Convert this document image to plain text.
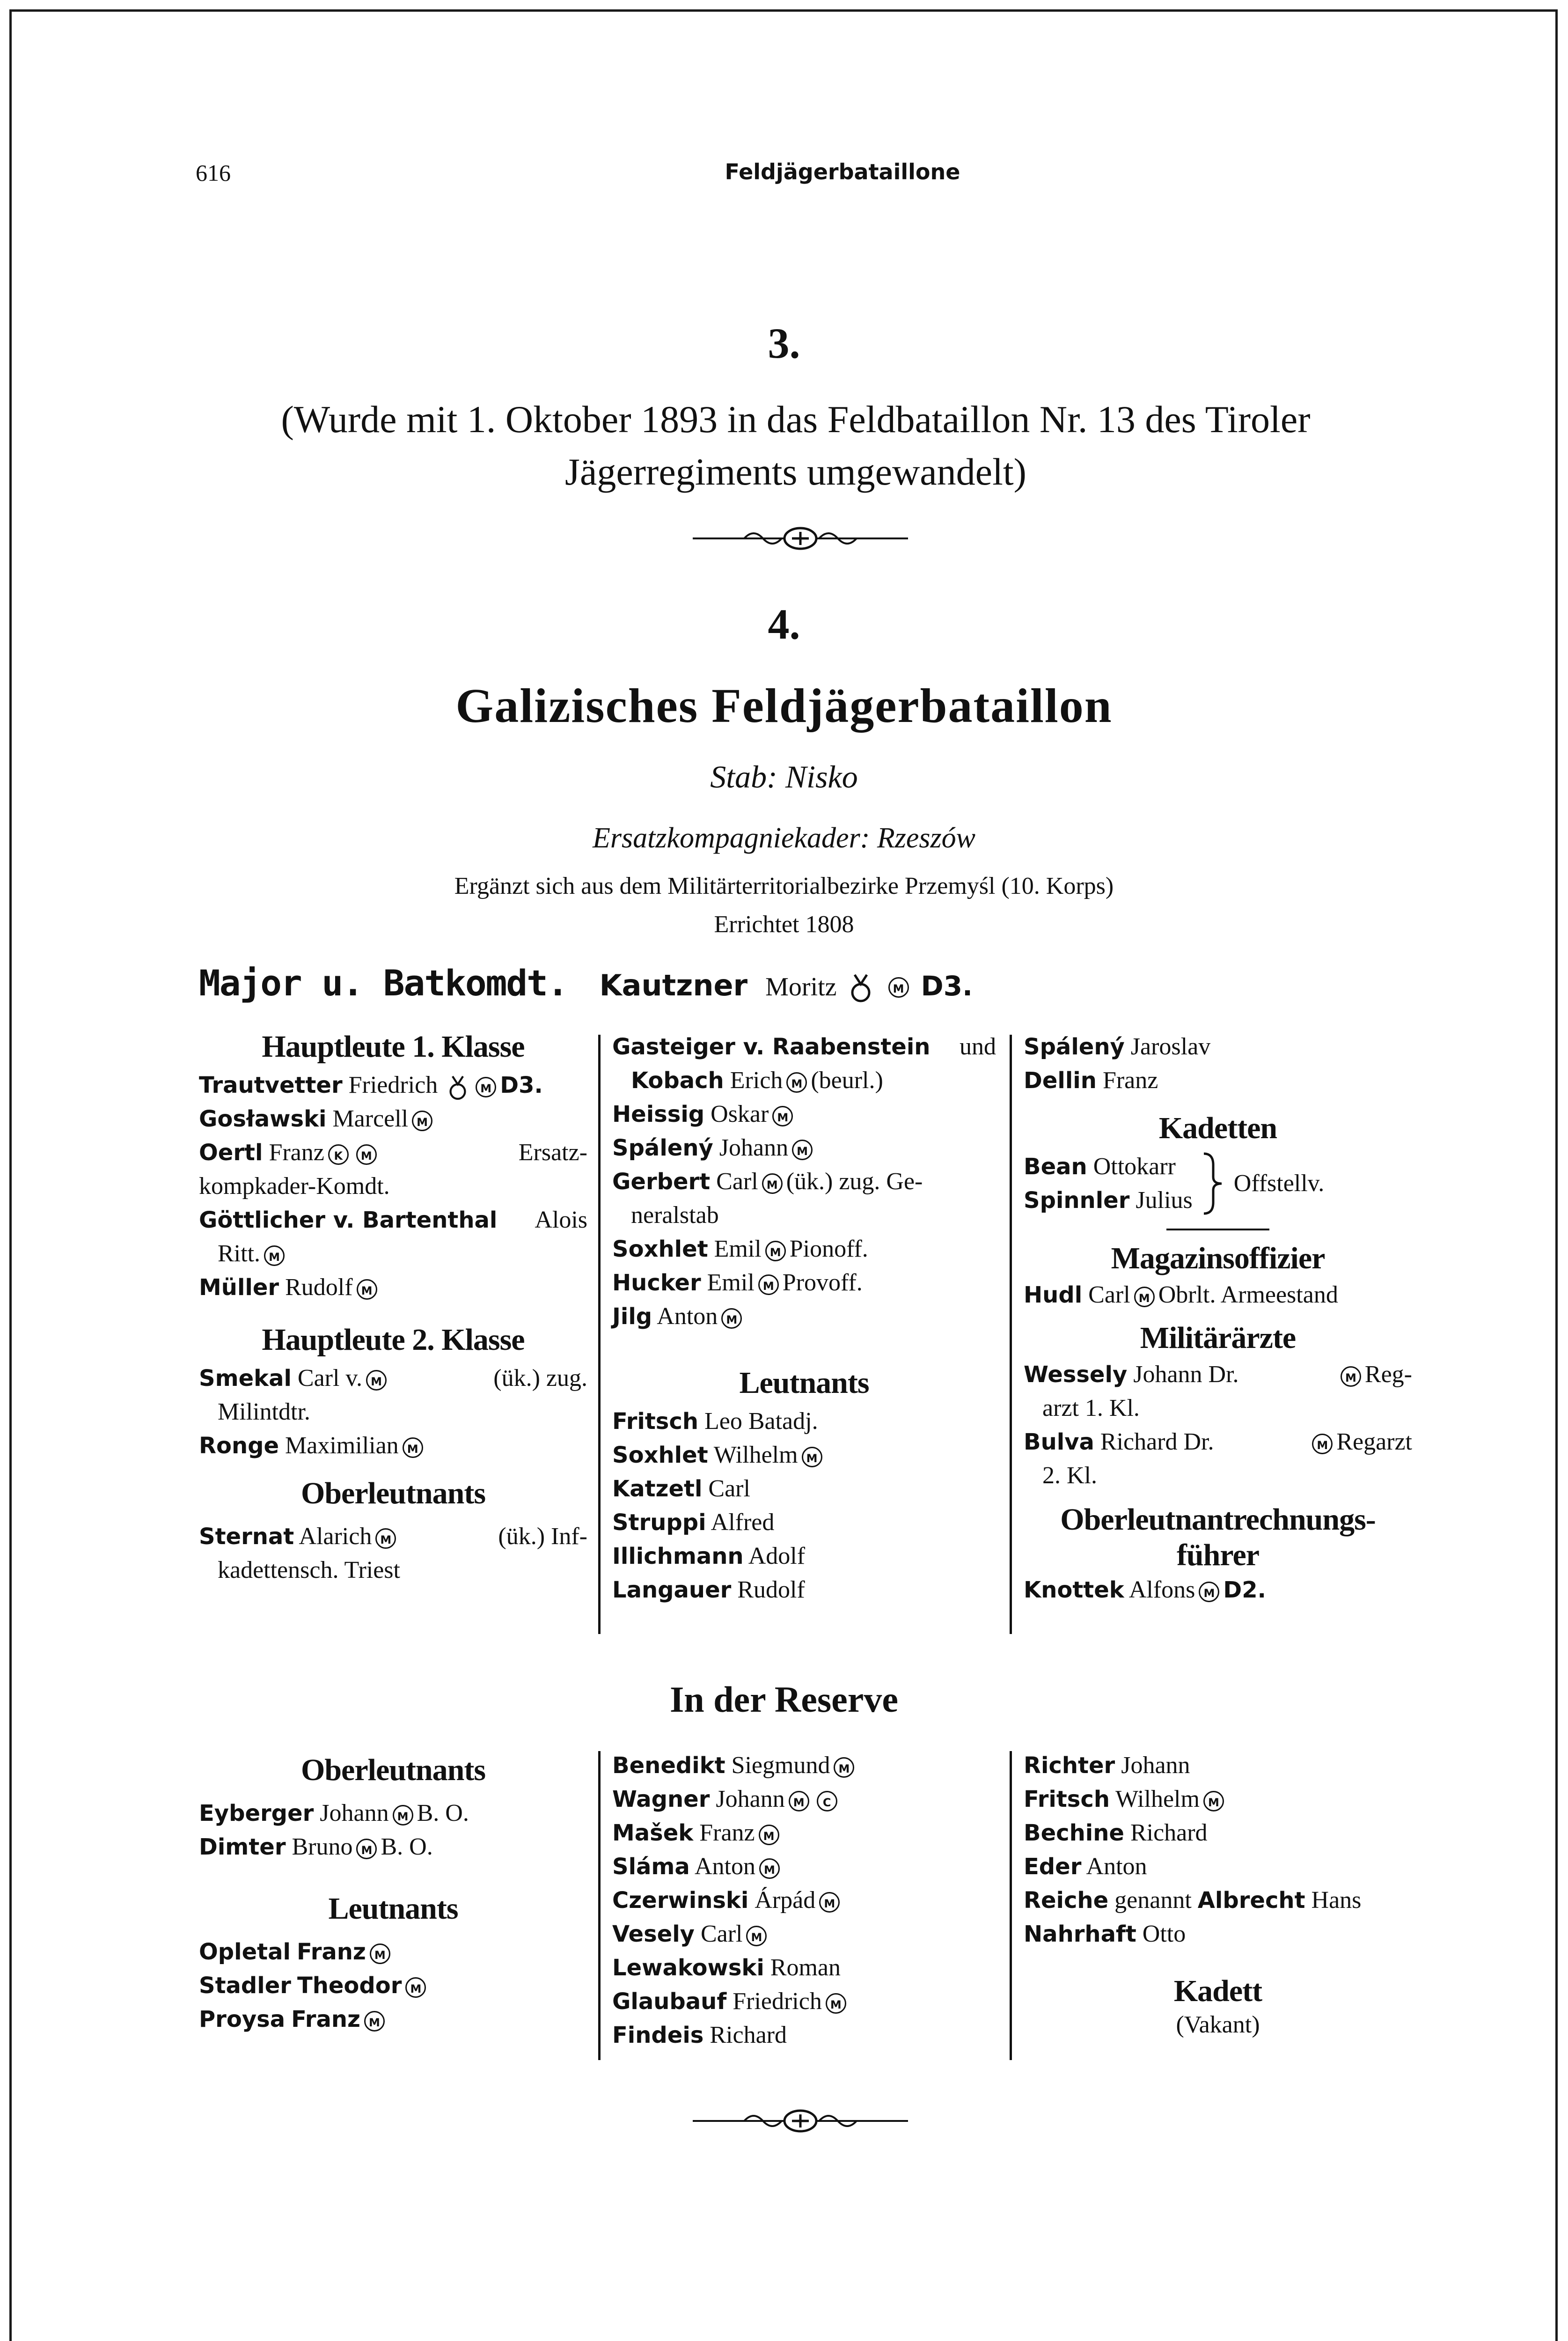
616	Feldjägerbataillone
3.
(Wurde mit 1. Oktober 1893 in das Feldbataillon Nr. 13 des Tiroler
Jägerregiments umgewandelt)
4.
Galizisches Feldjägerbataillon
Stab: Nisko
Ersatzkompagniekader: Rzeszów
Ergänzt sich aus dem Militärterritorialbezirke Przemyśl (10. Korps)
Errichtet 1808
Major u. Batkomdt. Kautzner Moritz	M D3.
Hauptleute 1. Klasse
Trautvetter Friedrich	M D3.
Gosławski Marcell M
Oertl Franz K M	Ersatz-
kompkader-Komdt.
Göttlicher v. Bartenthal Alois
Ritt. M
Müller Rudolf M
Hauptleute 2. Klasse
Smekal Carl v. M	(ük.) zug.
Milintdtr.
Ronge Maximilian M
Oberleutnants
Sternat Alarich M	(ük.) Inf-
kadettensch. Triest
Gasteiger v. Raabenstein und
Kobach Erich M (beurl.)
Heissig Oskar M
Spálený Johann M
Gerbert Carl M (ük.) zug. Ge-
neralstab
Soxhlet Emil M Pionoff.
Hucker Emil M Provoff.
Jilg Anton M
Leutnants
Fritsch Leo Batadj.
Soxhlet Wilhelm M
Katzetl Carl
Struppi Alfred
Illichmann Adolf
Langauer Rudolf
Spálený Jaroslav
Dellin Franz
Kadetten
Bean Ottokarr
Spinnler Julius
Offstellv.
Magazinsoffizier
Hudl Carl M Obrlt. Armeestand
Militärärzte
Wessely Johann Dr.	M Reg-
arzt 1. Kl.
Bulva Richard Dr.	M Regarzt
2. Kl.
Oberleutnantrechnungs-
führer
Knottek Alfons M D2.
In der Reserve
Oberleutnants
Eyberger Johann M B. O.
Dimter Bruno M B. O.
Leutnants
Opletal Franz M
Stadler Theodor M
Proysa Franz M
Benedikt Siegmund M
Wagner Johann M C
Mašek Franz M
Sláma Anton M
Czerwinski Árpád M
Vesely Carl M
Lewakowski Roman
Glaubauf Friedrich M
Findeis Richard
Richter Johann
Fritsch Wilhelm M
Bechine Richard
Eder Anton
Reiche genannt Albrecht Hans
Nahrhaft Otto
Kadett
(Vakant)
